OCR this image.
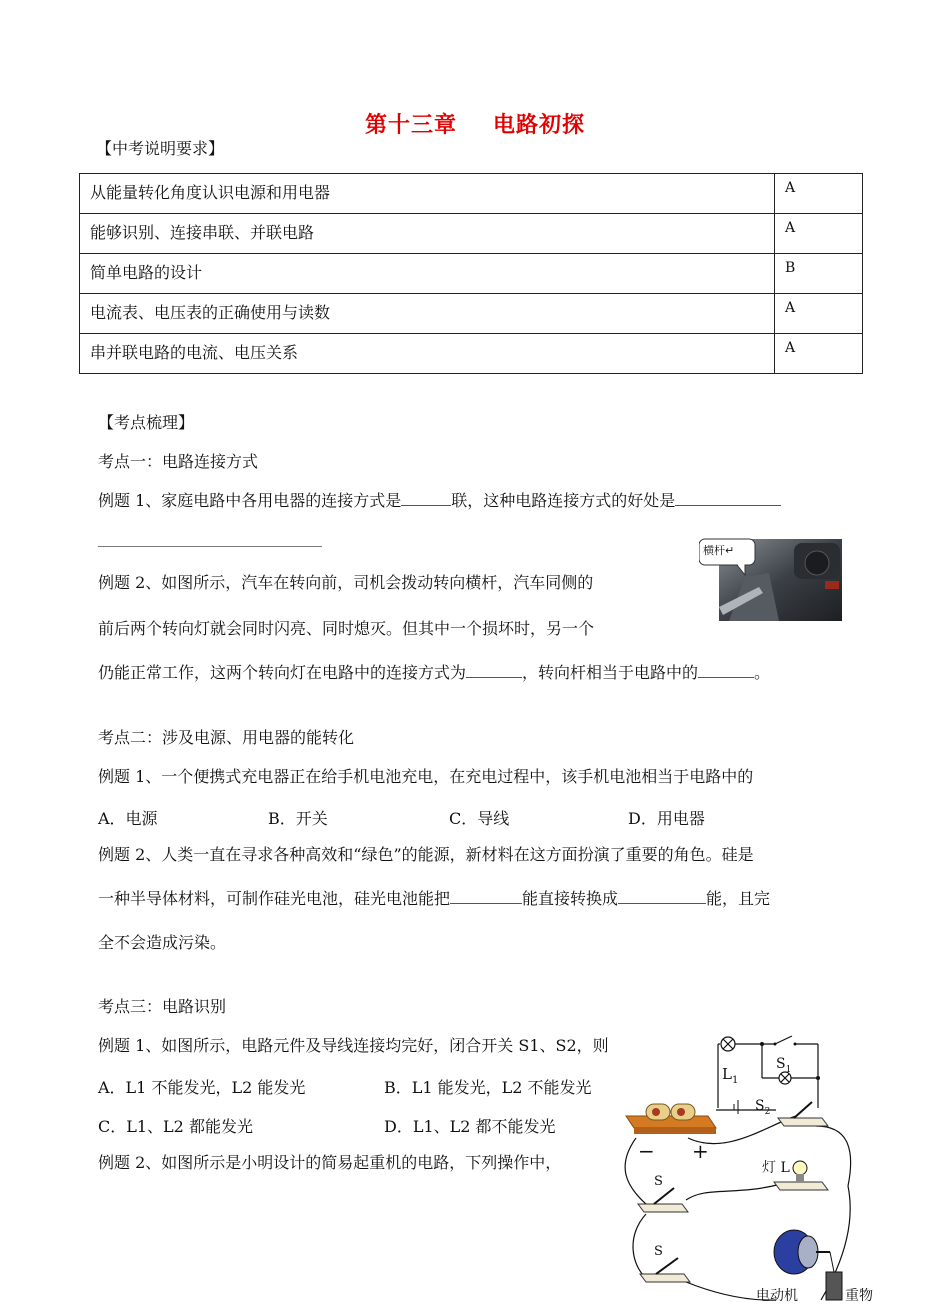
第十三章 电路初探
【中考说明要求】
从能量转化角度认识电源和用电器	A
能够识别、连接串联、并联电路	A
简单电路的设计	B
电流表、电压表的正确使用与读数	A
串并联电路的电流、电压关系	A
【考点梳理】
考点一：电路连接方式
例题 1、家庭电路中各用电器的连接方式是	联，这种电路连接方式的好处是
例题 2、如图所示，汽车在转向前，司机会拨动转向横杆，汽车同侧的
前后两个转向灯就会同时闪亮、同时熄灭。但其中一个损坏时，另一个
仍能正常工作，这两个转向灯在电路中的连接方式为	，转向杆相当于电路中的	。
横杆↵
考点二：涉及电源、用电器的能转化
例题 1、一个便携式充电器正在给手机电池充电，在充电过程中，该手机电池相当于电路中的
A．电源	B．开关	C．导线	D．用电器
例题 2、人类一直在寻求各种高效和“绿色”的能源，新材料在这方面扮演了重要的角色。硅是
一种半导体材料，可制作硅光电池，硅光电池能把	能直接转换成	能，且完
全不会造成污染。
考点三：电路识别
例题 1、如图所示，电路元件及导线连接均完好，闭合开关 S1、S2，则
A．L1 不能发光，L2 能发光	B．L1 能发光，L2 不能发光
C．L1、L2 都能发光	D．L1、L2 都不能发光
例题 2、如图所示是小明设计的简易起重机的电路，下列操作中，
$L_1$
$S_1$
$S_2$
− +
灯 L
S
S
电动机	重物
